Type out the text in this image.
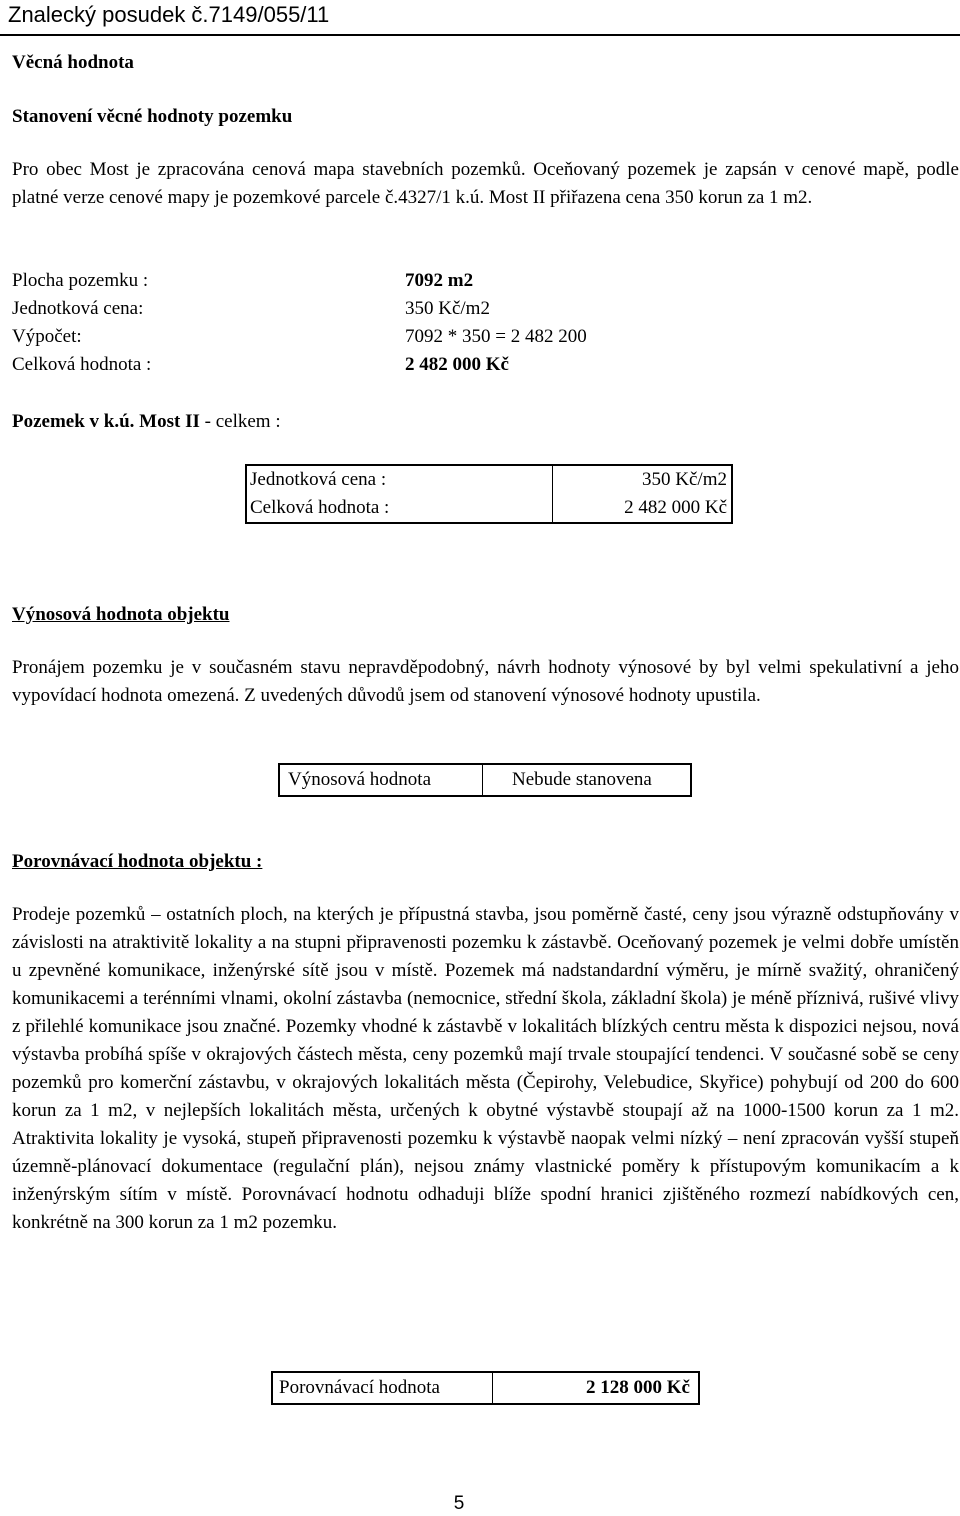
Znalecký posudek č.7149/055/11
Věcná hodnota
Stanovení věcné hodnoty pozemku
Pro obec Most je zpracována cenová mapa stavebních pozemků. Oceňovaný pozemek je zapsán v cenové mapě, podle platné verze cenové mapy je pozemkové parcele č.4327/1 k.ú. Most II přiřazena cena 350 korun za 1 m2.
Plocha pozemku :	7092 m2
Jednotková cena:	350 Kč/m2
Výpočet:	7092 * 350 = 2 482 200
Celková hodnota :	2 482 000 Kč
Pozemek v k.ú. Most II - celkem :
Jednotková cena :	350 Kč/m2
Celková hodnota :	2 482 000 Kč
Výnosová hodnota objektu
Pronájem pozemku je v současném stavu nepravděpodobný, návrh hodnoty výnosové by byl velmi spekulativní a jeho vypovídací hodnota omezená. Z uvedených důvodů jsem od stanovení výnosové hodnoty upustila.
Výnosová hodnota	Nebude stanovena
Porovnávací hodnota objektu :
Prodeje pozemků – ostatních ploch, na kterých je přípustná stavba, jsou poměrně časté, ceny jsou výrazně odstupňovány v závislosti na atraktivitě lokality a na stupni připravenosti pozemku k zástavbě. Oceňovaný pozemek je velmi dobře umístěn u zpevněné komunikace, inženýrské sítě jsou v místě. Pozemek má nadstandardní výměru, je mírně svažitý, ohraničený komunikacemi a terénními vlnami, okolní zástavba (nemocnice, střední škola, základní škola) je méně příznivá, rušivé vlivy z přilehlé komunikace jsou značné. Pozemky vhodné k zástavbě v lokalitách blízkých centru města k dispozici nejsou, nová výstavba probíhá spíše v okrajových částech města, ceny pozemků mají trvale stoupající tendenci. V současné sobě se ceny pozemků pro komerční zástavbu, v okrajových lokalitách města (Čepirohy, Velebudice, Skyřice) pohybují od 200 do 600 korun za 1 m2, v nejlepších lokalitách města, určených k obytné výstavbě stoupají až na 1000-1500 korun za 1 m2. Atraktivita lokality je vysoká, stupeň připravenosti pozemku k výstavbě naopak velmi nízký – není zpracován vyšší stupeň územně-plánovací dokumentace (regulační plán), nejsou známy vlastnické poměry k přístupovým komunikacím a k inženýrským sítím v místě. Porovnávací hodnotu odhaduji blíže spodní hranici zjištěného rozmezí nabídkových cen, konkrétně na 300 korun za 1 m2 pozemku.
Porovnávací hodnota	2 128 000 Kč
5
